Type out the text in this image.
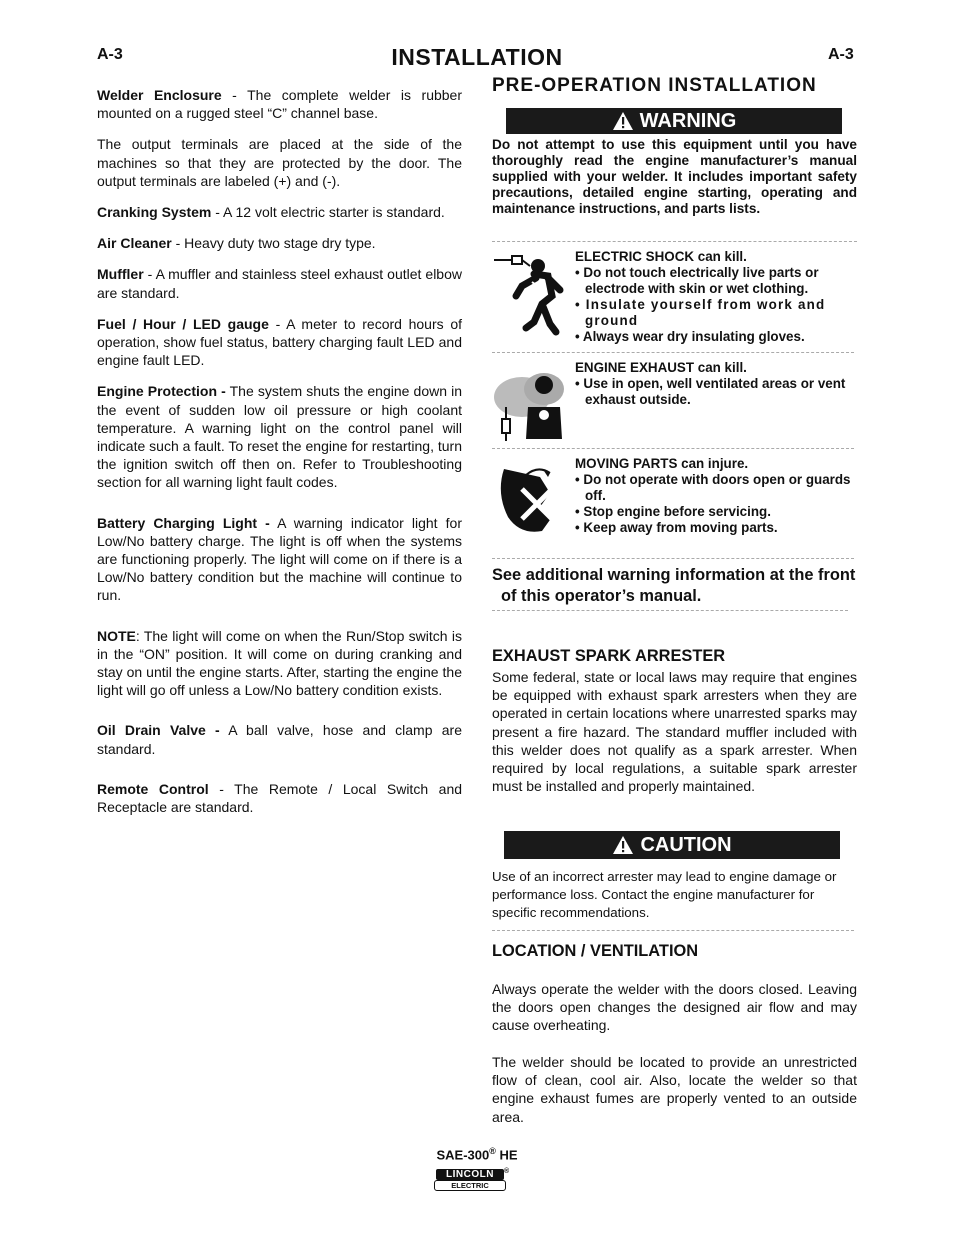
A-3	A-3
INSTALLATION

Welder Enclosure - The complete welder is rubber mounted on a rugged steel “C” channel base.

The output terminals are placed at the side of the machines so that they are protected by the door. The output terminals are labeled (+) and (-).

Cranking System - A 12 volt electric starter is standard.

Air Cleaner - Heavy duty two stage dry type.

Muffler - A muffler and stainless steel exhaust outlet elbow are standard.

Fuel / Hour / LED gauge - A meter to record hours of operation, show fuel status, battery charging fault LED and engine fault LED.

Engine Protection - The system shuts the engine down in the event of sudden low oil pressure or high coolant temperature. A warning light on the control panel will indicate such a fault. To reset the engine for restarting, turn the ignition switch off then on. Refer to Troubleshooting section for all warning light fault codes.

Battery Charging Light - A warning indicator light for Low/No battery charge. The light is off when the systems are functioning properly. The light will come on if there is a Low/No battery condition but the machine will continue to run.

NOTE: The light will come on when the Run/Stop switch is in the “ON” position. It will come on during cranking and stay on until the engine starts. After, starting the engine the light will go off unless a Low/No battery condition exists.

Oil Drain Valve - A ball valve, hose and clamp are standard.

Remote Control - The Remote / Local Switch and Receptacle are standard.

PRE-OPERATION INSTALLATION
WARNING
Do not attempt to use this equipment until you have thoroughly read the engine manufacturer’s manual supplied with your welder. It includes important safety precautions, detailed engine starting, operating and maintenance instructions, and parts lists.
ELECTRIC SHOCK can kill.
• Do not touch electrically live parts or electrode with skin or wet clothing.
• Insulate yourself from work and ground
• Always wear dry insulating gloves.
ENGINE EXHAUST can kill.
• Use in open, well ventilated areas or vent exhaust outside.
MOVING PARTS can injure.
• Do not operate with doors open or guards off.
• Stop engine before servicing.
• Keep away from moving parts.
See additional warning information at the front of this operator’s manual.
EXHAUST SPARK ARRESTER
Some federal, state or local laws may require that engines be equipped with exhaust spark arresters when they are operated in certain locations where unarrested sparks may present a fire hazard. The standard muffler included with this welder does not qualify as a spark arrester. When required by local regulations, a suitable spark arrester must be installed and properly maintained.
CAUTION
Use of an incorrect arrester may lead to engine damage or performance loss. Contact the engine manufacturer for specific recommendations.
LOCATION / VENTILATION
Always operate the welder with the doors closed. Leaving the doors open changes the designed air flow and may cause overheating.
The welder should be located to provide an unrestricted flow of clean, cool air. Also, locate the welder so that engine exhaust fumes are properly vented to an outside area.
SAE-300® HE
LINCOLN	®
ELECTRIC
